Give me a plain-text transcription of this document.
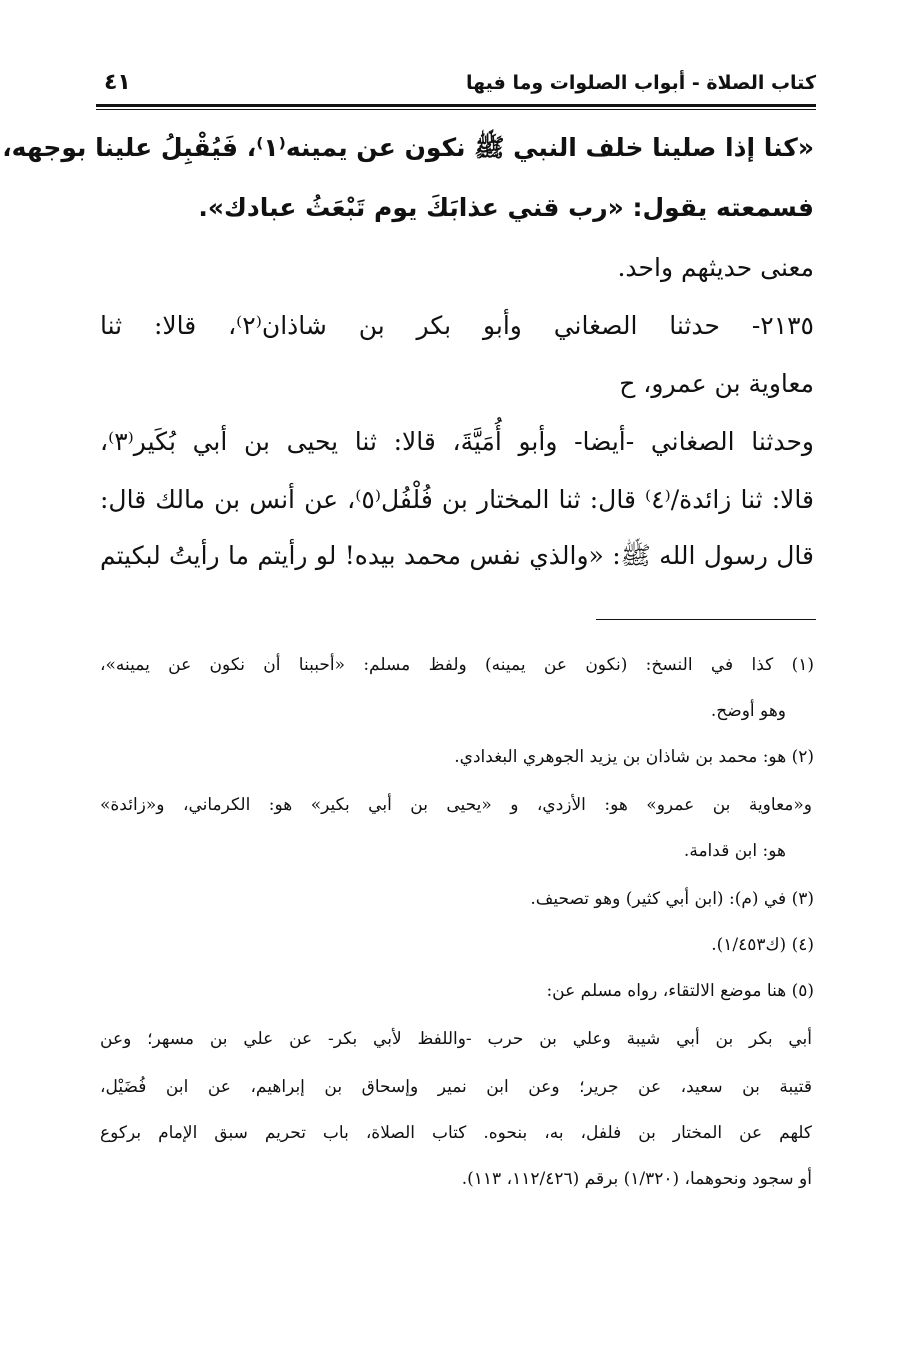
كتاب الصلاة - أبواب الصلوات وما فيها
٤١
«كنا إذا صلينا خلف النبي ﷺ نكون عن يمينه⁽١⁾، فَيُقْبِلُ علينا بوجهه،
فسمعته يقول: «رب قني عذابَكَ يوم تَبْعَثُ عبادك».
معنى حديثهم واحد.
٢١٣٥- حدثنا الصغاني وأبو بكر بن شاذان⁽٢⁾، قالا: ثنا
معاوية بن عمرو، ح
وحدثنا الصغاني -أيضا- وأبو أُمَيَّةَ، قالا: ثنا يحيى بن أبي بُكَير⁽٣⁾،
قالا: ثنا زائدة/⁽٤⁾ قال: ثنا المختار بن فُلْفُل⁽٥⁾، عن أنس بن مالك قال:
قال رسول الله ﷺ: «والذي نفس محمد بيده! لو رأيتم ما رأيتُ لبكيتم
(١) كذا في النسخ: (نكون عن يمينه) ولفظ مسلم: «أحببنا أن نكون عن يمينه»،
وهو أوضح.
(٢) هو: محمد بن شاذان بن يزيد الجوهري البغدادي.
و«معاوية بن عمرو» هو: الأزدي، و «يحيى بن أبي بكير» هو: الكرماني، و«زائدة»
هو: ابن قدامة.
(٣) في (م): (ابن أبي كثير) وهو تصحيف.
(٤) (ك١/٤٥٣).
(٥) هنا موضع الالتقاء، رواه مسلم عن:
أبي بكر بن أبي شيبة وعلي بن حرب -واللفظ لأبي بكر- عن علي بن مسهر؛ وعن
قتيبة بن سعيد، عن جرير؛ وعن ابن نمير وإسحاق بن إبراهيم، عن ابن فُضَيْل،
كلهم عن المختار بن فلفل، به، بنحوه. كتاب الصلاة، باب تحريم سبق الإمام بركوع
أو سجود ونحوهما، (١/٣٢٠) برقم (١١٢/٤٢٦، ١١٣).
